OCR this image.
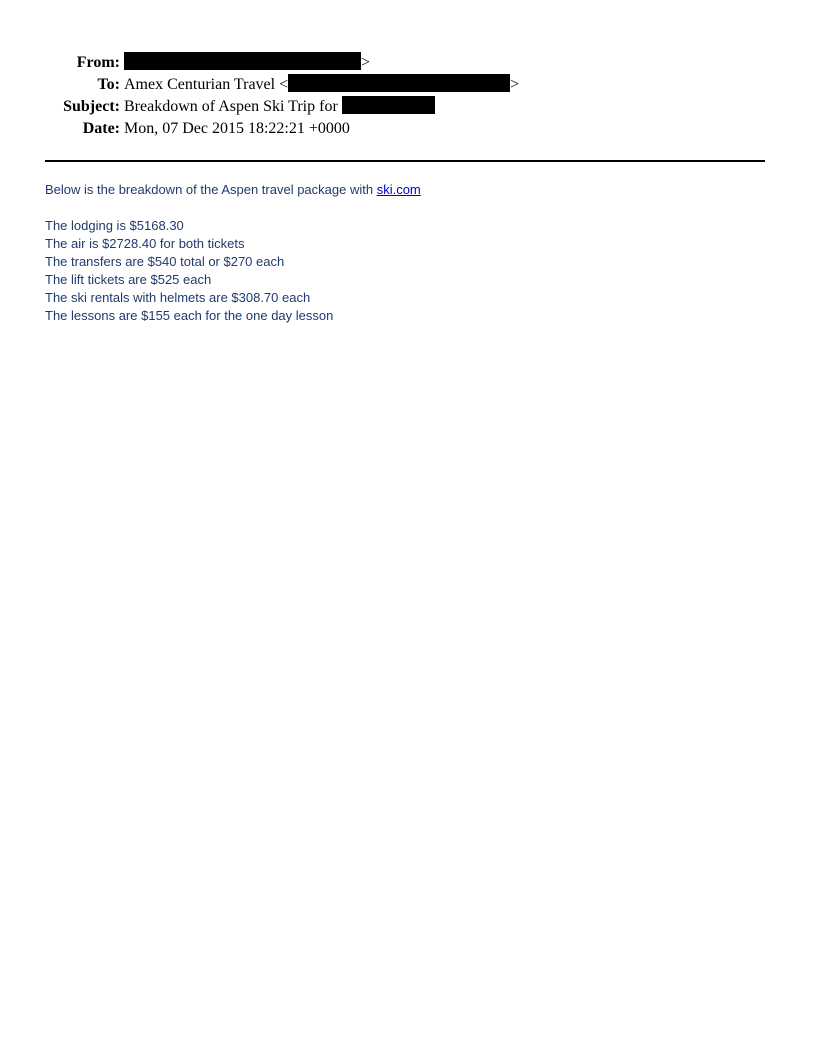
From:	>
To: Amex Centurian Travel <	>
Subject: Breakdown of Aspen Ski Trip for
Date: Mon, 07 Dec 2015 18:22:21 +0000

Below is the breakdown of the Aspen travel package with ski.com

The lodging is $5168.30
The air is $2728.40 for both tickets
The transfers are $540 total or $270 each
The lift tickets are $525 each
The ski rentals with helmets are $308.70 each
The lessons are $155 each for the one day lesson
